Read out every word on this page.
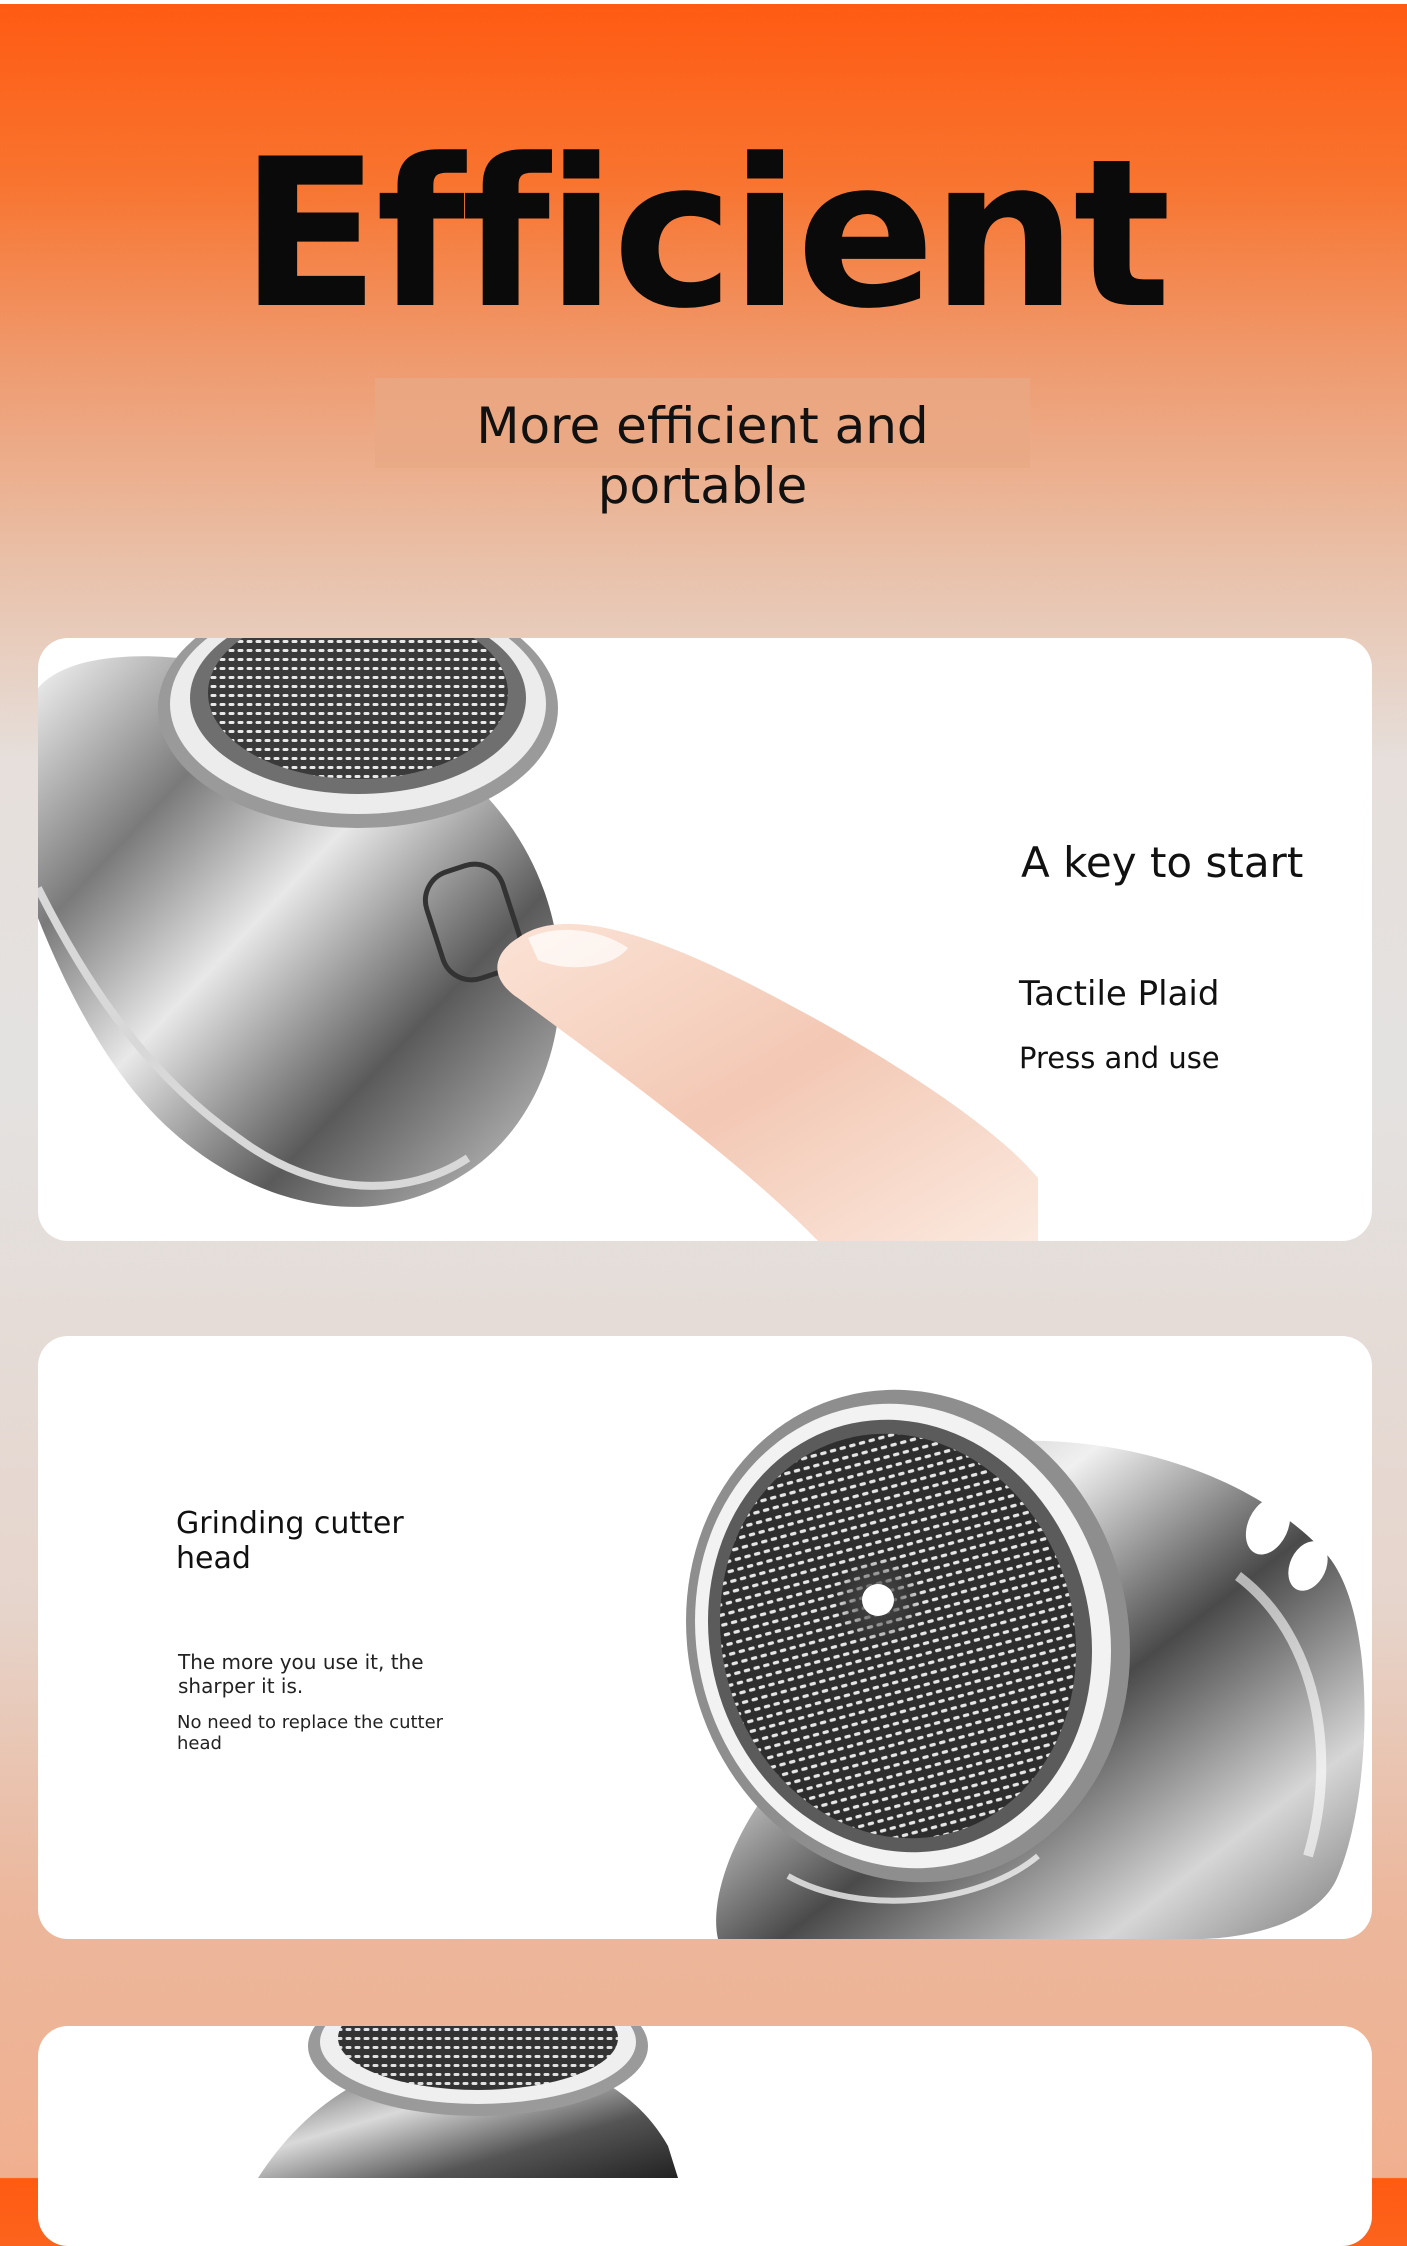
Efficient
More efficient and portable
A key to start
Tactile Plaid
Press and use
Grinding cutter head
The more you use it, the sharper it is.
No need to replace the cutter head
